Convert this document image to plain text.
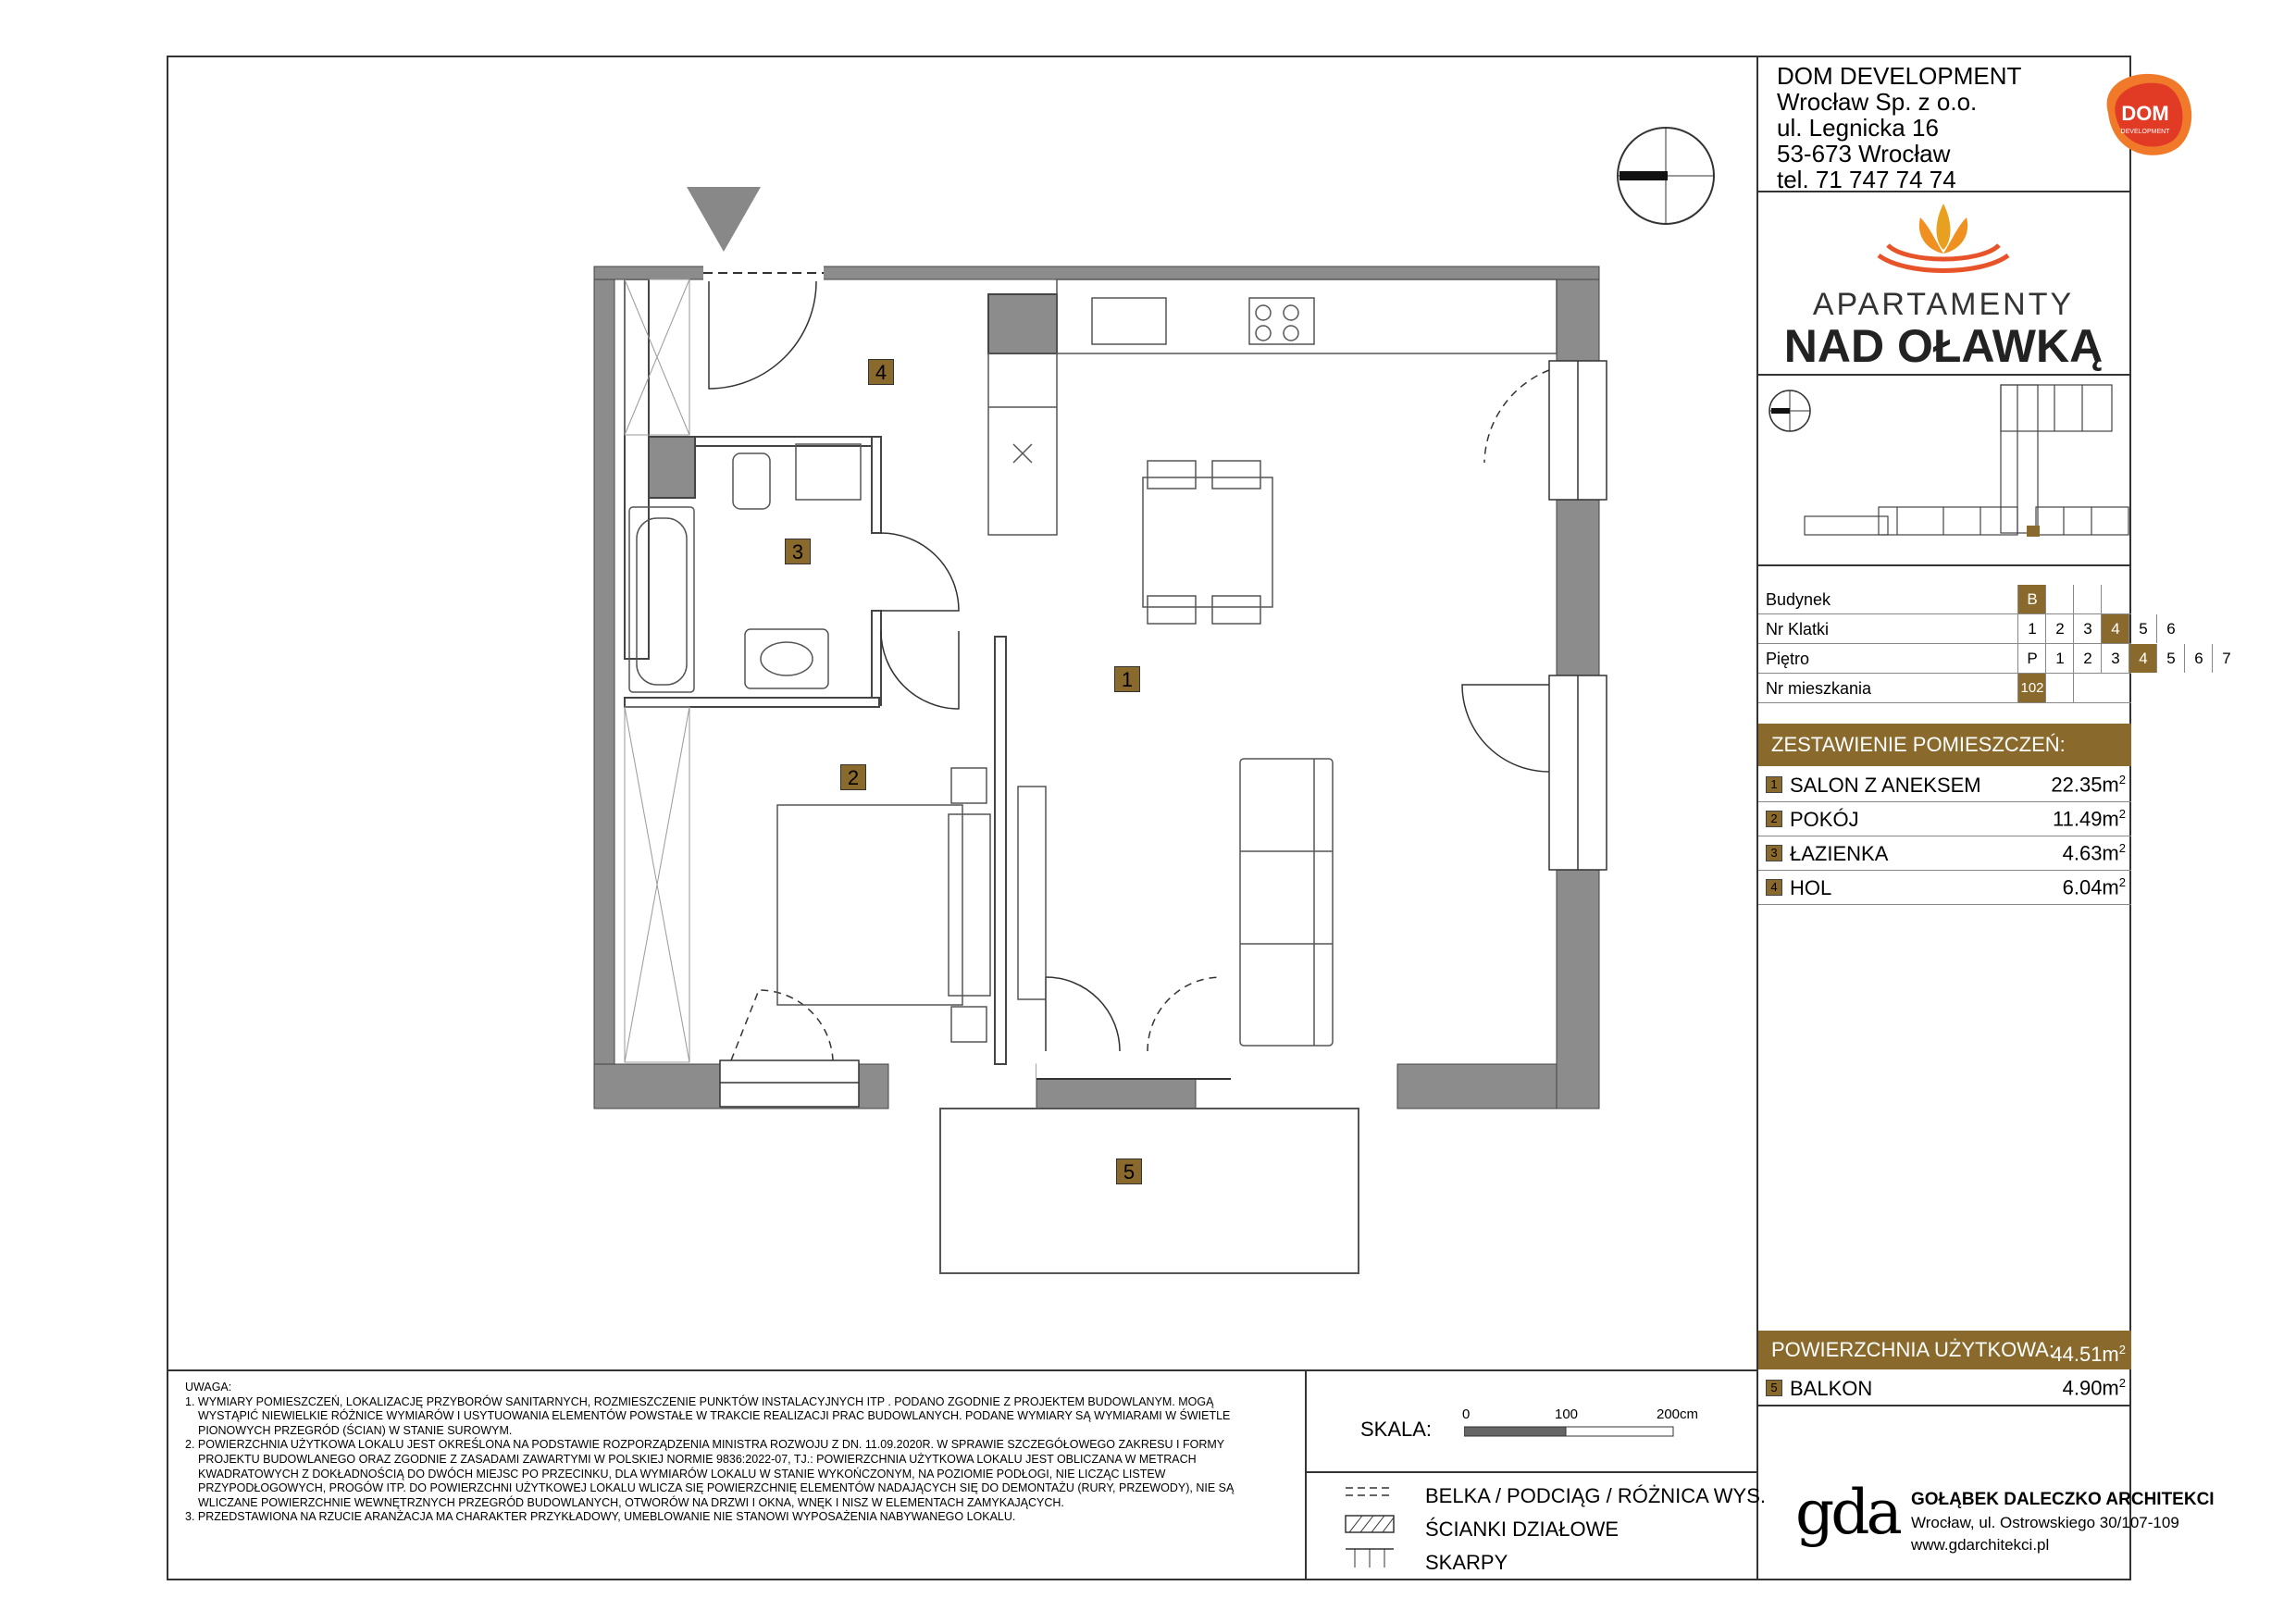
DOM DEVELOPMENT
Wrocław Sp. z o.o.
ul. Legnicka 16
53-673 Wrocław
tel. 71 747 74 74
DOM
DEVELOPMENT
APARTAMENTY
NAD OŁAWKĄ
Budynek	B
Nr Klatki	1	2	3	4	5	6
Piętro	P	1	2	3	4	5	6	7
Nr mieszkania	102
ZESTAWIENIE POMIESZCZEŃ:
1 SALON Z ANEKSEM	$22.35m^2$
2 POKÓJ	$11.49m^2$
3 ŁAZIENKA	$4.63m^2$
4 HOL	$6.04m^2$
POWIERZCHNIA UŻYTKOWA:
$44.51m^2$
5 BALKON	$4.90m^2$
1
2
3
4
5

UWAGA:

1. WYMIARY POMIESZCZEŃ, LOKALIZACJĘ PRZYBORÓW SANITARNYCH, ROZMIESZCZENIE PUNKTÓW INSTALACYJNYCH ITP . PODANO ZGODNIE Z PROJEKTEM BUDOWLANYM. MOGĄ

WYSTĄPIĆ NIEWIELKIE RÓŻNICE WYMIARÓW I USYTUOWANIA ELEMENTÓW POWSTAŁE W TRAKCIE REALIZACJI PRAC BUDOWLANYCH. PODANE WYMIARY SĄ WYMIARAMI W ŚWIETLE

PIONOWYCH PRZEGRÓD (ŚCIAN) W STANIE SUROWYM.

2. POWIERZCHNIA UŻYTKOWA LOKALU JEST OKREŚLONA NA PODSTAWIE ROZPORZĄDZENIA MINISTRA ROZWOJU Z DN. 11.09.2020R. W SPRAWIE SZCZEGÓŁOWEGO ZAKRESU I FORMY

PROJEKTU BUDOWLANEGO ORAZ ZGODNIE Z ZASADAMI ZAWARTYMI W POLSKIEJ NORMIE 9836:2022-07, TJ.: POWIERZCHNIA UŻYTKOWA LOKALU JEST OBLICZANA W METRACH

KWADRATOWYCH Z DOKŁADNOŚCIĄ DO DWÓCH MIEJSC PO PRZECINKU, DLA WYMIARÓW LOKALU W STANIE WYKOŃCZONYM, NA POZIOMIE PODŁOGI, NIE LICZĄC LISTEW

PRZYPODŁOGOWYCH, PROGÓW ITP. DO POWIERZCHNI UŻYTKOWEJ LOKALU WLICZA SIĘ POWIERZCHNIĘ ELEMENTÓW NADAJĄCYCH SIĘ DO DEMONTAŻU (RURY, PRZEWODY), NIE SĄ

WLICZANE POWIERZCHNIE WEWNĘTRZNYCH PRZEGRÓD BUDOWLANYCH, OTWORÓW NA DRZWI I OKNA, WNĘK I NISZ W ELEMENTACH ZAMYKAJĄCYCH.

3. PRZEDSTAWIONA NA RZUCIE ARANŻACJA MA CHARAKTER PRZYKŁADOWY, UMEBLOWANIE NIE STANOWI WYPOSAŻENIA NABYWANEGO LOKALU.

SKALA:
0	100	200cm
BELKA / PODCIĄG / RÓŻNICA WYS.
ŚCIANKI DZIAŁOWE
SKARPY
gda GOŁĄBEK DALECZKO ARCHITEKCI
Wrocław, ul. Ostrowskiego 30/107-109
www.gdarchitekci.pl
